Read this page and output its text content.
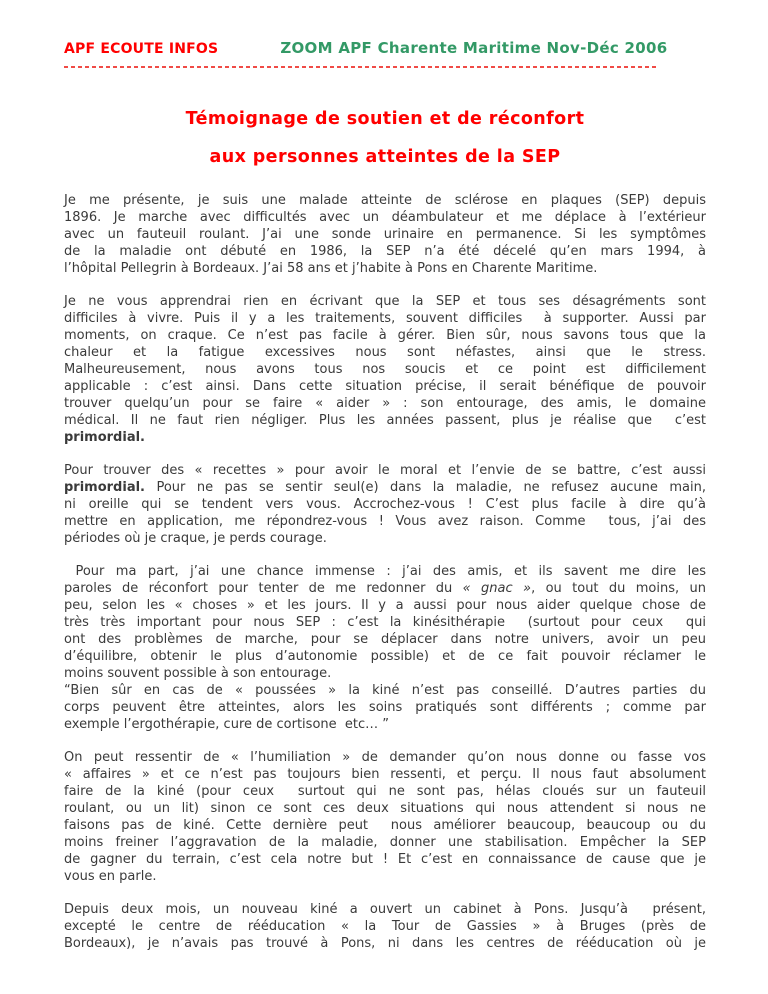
APF ECOUTE INFOS	ZOOM APF Charente Maritime Nov-Déc 2006
Témoignage de soutien et de réconfort
aux personnes atteintes de la SEP
Je me présente, je suis une malade atteinte de sclérose en plaques (SEP) depuis
1896. Je marche avec difficultés avec un déambulateur et me déplace à l’extérieur
avec un fauteuil roulant. J’ai une sonde urinaire en permanence. Si les symptômes
de la maladie ont débuté en 1986, la SEP n’a été décelé qu’en mars 1994, à
l’hôpital Pellegrin à Bordeaux. J’ai 58 ans et j’habite à Pons en Charente Maritime.
Je ne vous apprendrai rien en écrivant que la SEP et tous ses désagréments sont
difficiles à vivre. Puis il y a les traitements, souvent difficiles  à supporter. Aussi par
moments, on craque. Ce n’est pas facile à gérer. Bien sûr, nous savons tous que la
chaleur et la fatigue excessives nous sont néfastes, ainsi que le stress.
Malheureusement, nous avons tous nos soucis et ce point est difficilement
applicable : c’est ainsi. Dans cette situation précise, il serait bénéfique de pouvoir
trouver quelqu’un pour se faire « aider » : son entourage, des amis, le domaine
médical. Il ne faut rien négliger. Plus les années passent, plus je réalise que  c’est
primordial.
Pour trouver des « recettes » pour avoir le moral et l’envie de se battre, c’est aussi
primordial. Pour ne pas se sentir seul(e) dans la maladie, ne refusez aucune main,
ni oreille qui se tendent vers vous. Accrochez-vous ! C’est plus facile à dire qu’à
mettre en application, me répondrez-vous ! Vous avez raison. Comme  tous, j’ai des
périodes où je craque, je perds courage.
Pour ma part, j’ai une chance immense : j’ai des amis, et ils savent me dire les
paroles de réconfort pour tenter de me redonner du « gnac », ou tout du moins, un
peu, selon les « choses » et les jours. Il y a aussi pour nous aider quelque chose de
très très important pour nous SEP : c’est la kinésithérapie  (surtout pour ceux  qui
ont des problèmes de marche, pour se déplacer dans notre univers, avoir un peu
d’équilibre, obtenir le plus d’autonomie possible) et de ce fait pouvoir réclamer le
moins souvent possible à son entourage.
“Bien sûr en cas de « poussées » la kiné n’est pas conseillé. D’autres parties du
corps peuvent être atteintes, alors les soins pratiqués sont différents ; comme par
exemple l’ergothérapie, cure de cortisone  etc… ”
On peut ressentir de « l’humiliation » de demander qu’on nous donne ou fasse vos
« affaires » et ce n’est pas toujours bien ressenti, et perçu. Il nous faut absolument
faire de la kiné (pour ceux  surtout qui ne sont pas, hélas cloués sur un fauteuil
roulant, ou un lit) sinon ce sont ces deux situations qui nous attendent si nous ne
faisons pas de kiné. Cette dernière peut  nous améliorer beaucoup, beaucoup ou du
moins freiner l’aggravation de la maladie, donner une stabilisation. Empêcher la SEP
de gagner du terrain, c’est cela notre but ! Et c’est en connaissance de cause que je
vous en parle.
Depuis deux mois, un nouveau kiné a ouvert un cabinet à Pons. Jusqu’à  présent,
excepté le centre de rééducation « la Tour de Gassies » à Bruges (près de
Bordeaux), je n’avais pas trouvé à Pons, ni dans les centres de rééducation où je
